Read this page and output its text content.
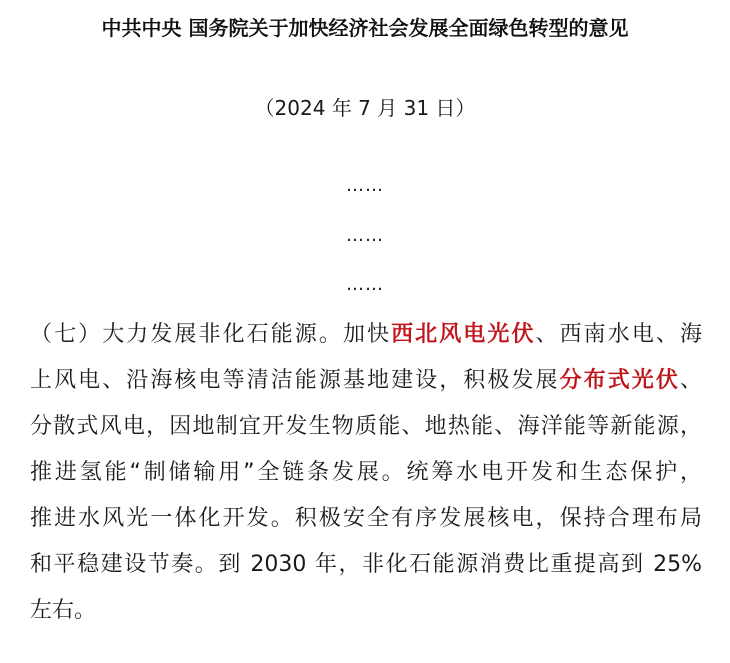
中共中央 国务院关于加快经济社会发展全面绿色转型的意见
（2024 年 7 月 31 日）
……
……
……
（七）大力发展非化石能源。加快西北风电光伏、西南水电、海
上风电、沿海核电等清洁能源基地建设，积极发展分布式光伏、
分散式风电，因地制宜开发生物质能、地热能、海洋能等新能源，
推进氢能“制储输用”全链条发展。统筹水电开发和生态保护，
推进水风光一体化开发。积极安全有序发展核电，保持合理布局
和平稳建设节奏。到 2030 年，非化石能源消费比重提高到 25%
左右。
